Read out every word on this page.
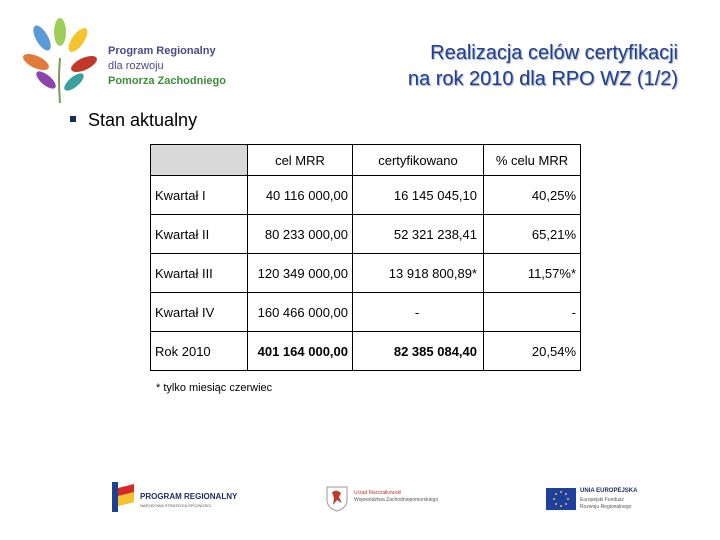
Program Regionalny
dla rozwoju
Pomorza Zachodniego
Realizacja celów certyfikacji
na rok 2010 dla RPO WZ (1/2)
Stan aktualny
	cel MRR	certyfikowano	% celu MRR
Kwartał I	40 116 000,00	16 145 045,10	40,25%
Kwartał II	80 233 000,00	52 321 238,41	65,21%
Kwartał III	120 349 000,00	13 918 800,89*	11,57%*
Kwartał IV	160 466 000,00	-	-
Rok 2010	401 164 000,00	82 385 084,40	20,54%
* tylko miesiąc czerwiec
PROGRAM REGIONALNY
NARODOWA STRATEGIA SPÓJNOŚCI
Urząd Marszałkowski
Województwa Zachodniopomorskiego
UNIA EUROPEJSKA
Europejski Fundusz
Rozwoju Regionalnego
